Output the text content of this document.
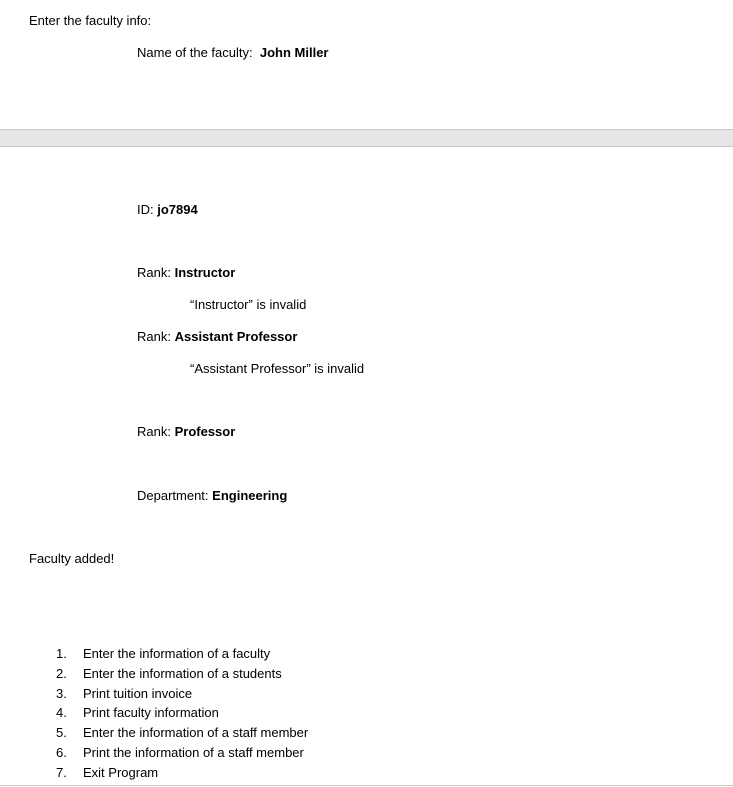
Enter the faculty info:
Name of the faculty: John Miller
ID: jo7894
Rank: Instructor
“Instructor” is invalid
Rank: Assistant Professor
“Assistant Professor” is invalid
Rank: Professor
Department: Engineering
Faculty added!
1. Enter the information of a faculty
2. Enter the information of a students
3. Print tuition invoice
4. Print faculty information
5. Enter the information of a staff member
6. Print the information of a staff member
7. Exit Program
